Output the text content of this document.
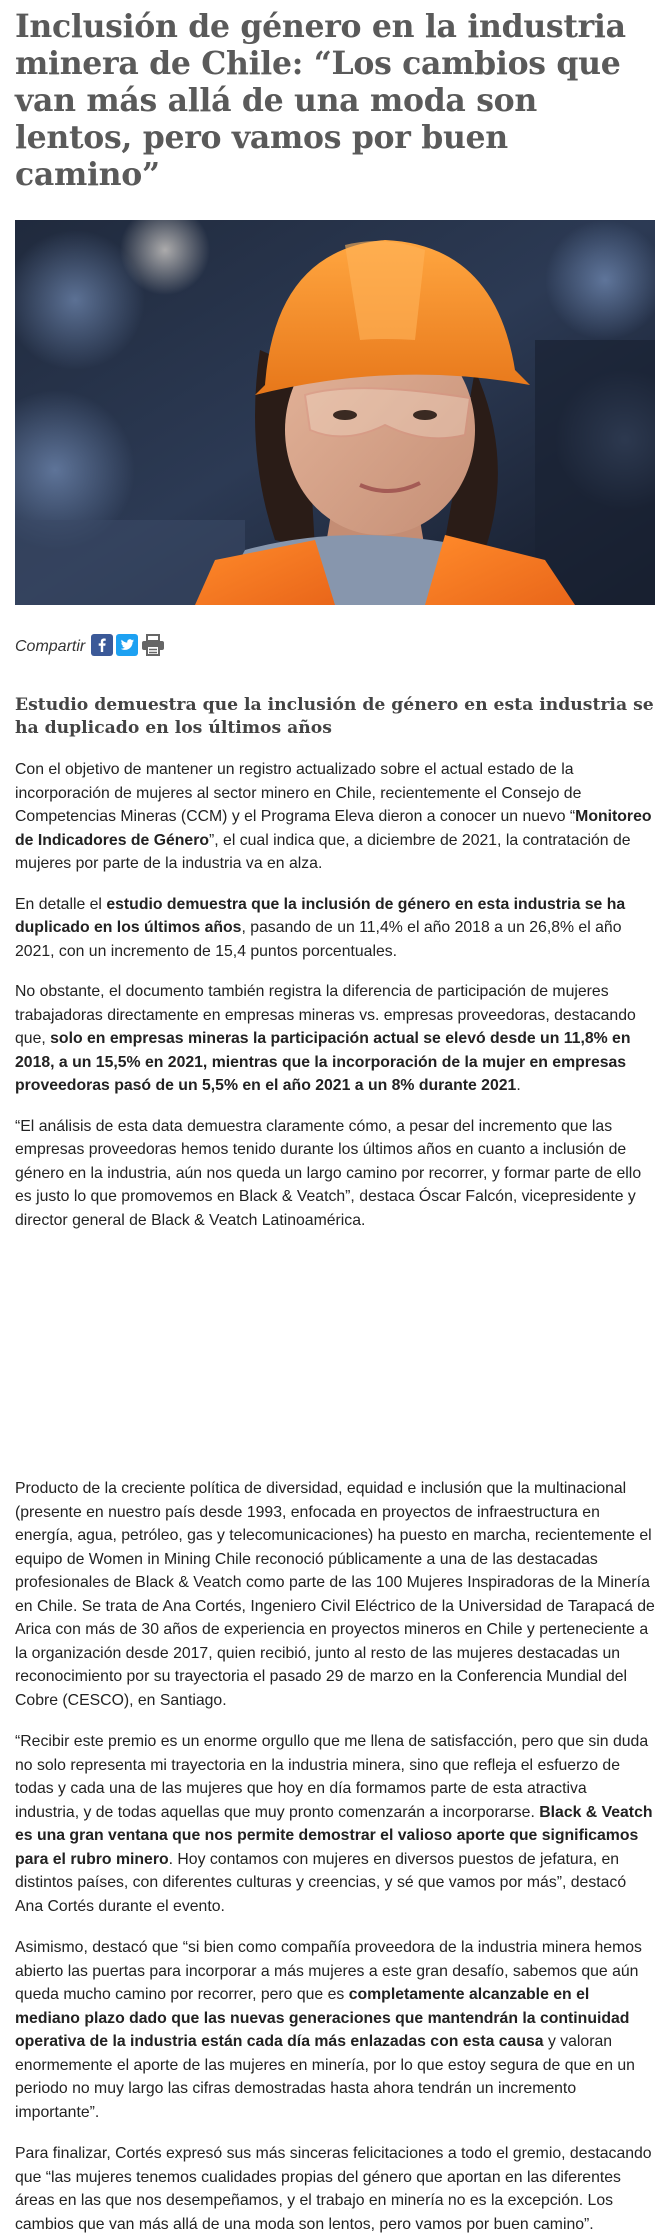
Inclusión de género en la industria minera de Chile: “Los cambios que van más allá de una moda son lentos, pero vamos por buen camino”
Compartir
Estudio demuestra que la inclusión de género en esta industria se ha duplicado en los últimos años

Con el objetivo de mantener un registro actualizado sobre el actual estado de la incorporación de mujeres al sector minero en Chile, recientemente el Consejo de Competencias Mineras (CCM) y el Programa Eleva dieron a conocer un nuevo “Monitoreo de Indicadores de Género”, el cual indica que, a diciembre de 2021, la contratación de mujeres por parte de la industria va en alza.

En detalle el estudio demuestra que la inclusión de género en esta industria se ha duplicado en los últimos años, pasando de un 11,4% el año 2018 a un 26,8% el año 2021, con un incremento de 15,4 puntos porcentuales.

No obstante, el documento también registra la diferencia de participación de mujeres trabajadoras directamente en empresas mineras vs. empresas proveedoras, destacando que, solo en empresas mineras la participación actual se elevó desde un 11,8% en 2018, a un 15,5% en 2021, mientras que la incorporación de la mujer en empresas proveedoras pasó de un 5,5% en el año 2021 a un 8% durante 2021.

“El análisis de esta data demuestra claramente cómo, a pesar del incremento que las empresas proveedoras hemos tenido durante los últimos años en cuanto a inclusión de género en la industria, aún nos queda un largo camino por recorrer, y formar parte de ello es justo lo que promovemos en Black & Veatch”, destaca Óscar Falcón, vicepresidente y director general de Black & Veatch Latinoamérica.

Producto de la creciente política de diversidad, equidad e inclusión que la multinacional (presente en nuestro país desde 1993, enfocada en proyectos de infraestructura en energía, agua, petróleo, gas y telecomunicaciones) ha puesto en marcha, recientemente el equipo de Women in Mining Chile reconoció públicamente a una de las destacadas profesionales de Black & Veatch como parte de las 100 Mujeres Inspiradoras de la Minería en Chile. Se trata de Ana Cortés, Ingeniero Civil Eléctrico de la Universidad de Tarapacá de Arica con más de 30 años de experiencia en proyectos mineros en Chile y perteneciente a la organización desde 2017, quien recibió, junto al resto de las mujeres destacadas un reconocimiento por su trayectoria el pasado 29 de marzo en la Conferencia Mundial del Cobre (CESCO), en Santiago.

“Recibir este premio es un enorme orgullo que me llena de satisfacción, pero que sin duda no solo representa mi trayectoria en la industria minera, sino que refleja el esfuerzo de todas y cada una de las mujeres que hoy en día formamos parte de esta atractiva industria, y de todas aquellas que muy pronto comenzarán a incorporarse. Black & Veatch es una gran ventana que nos permite demostrar el valioso aporte que significamos para el rubro minero. Hoy contamos con mujeres en diversos puestos de jefatura, en distintos países, con diferentes culturas y creencias, y sé que vamos por más”, destacó Ana Cortés durante el evento.

Asimismo, destacó que “si bien como compañía proveedora de la industria minera hemos abierto las puertas para incorporar a más mujeres a este gran desafío, sabemos que aún queda mucho camino por recorrer, pero que es completamente alcanzable en el mediano plazo dado que las nuevas generaciones que mantendrán la continuidad operativa de la industria están cada día más enlazadas con esta causa y valoran enormemente el aporte de las mujeres en minería, por lo que estoy segura de que en un periodo no muy largo las cifras demostradas hasta ahora tendrán un incremento importante”.

Para finalizar, Cortés expresó sus más sinceras felicitaciones a todo el gremio, destacando que “las mujeres tenemos cualidades propias del género que aportan en las diferentes áreas en las que nos desempeñamos, y el trabajo en minería no es la excepción. Los cambios que van más allá de una moda son lentos, pero vamos por buen camino”.
